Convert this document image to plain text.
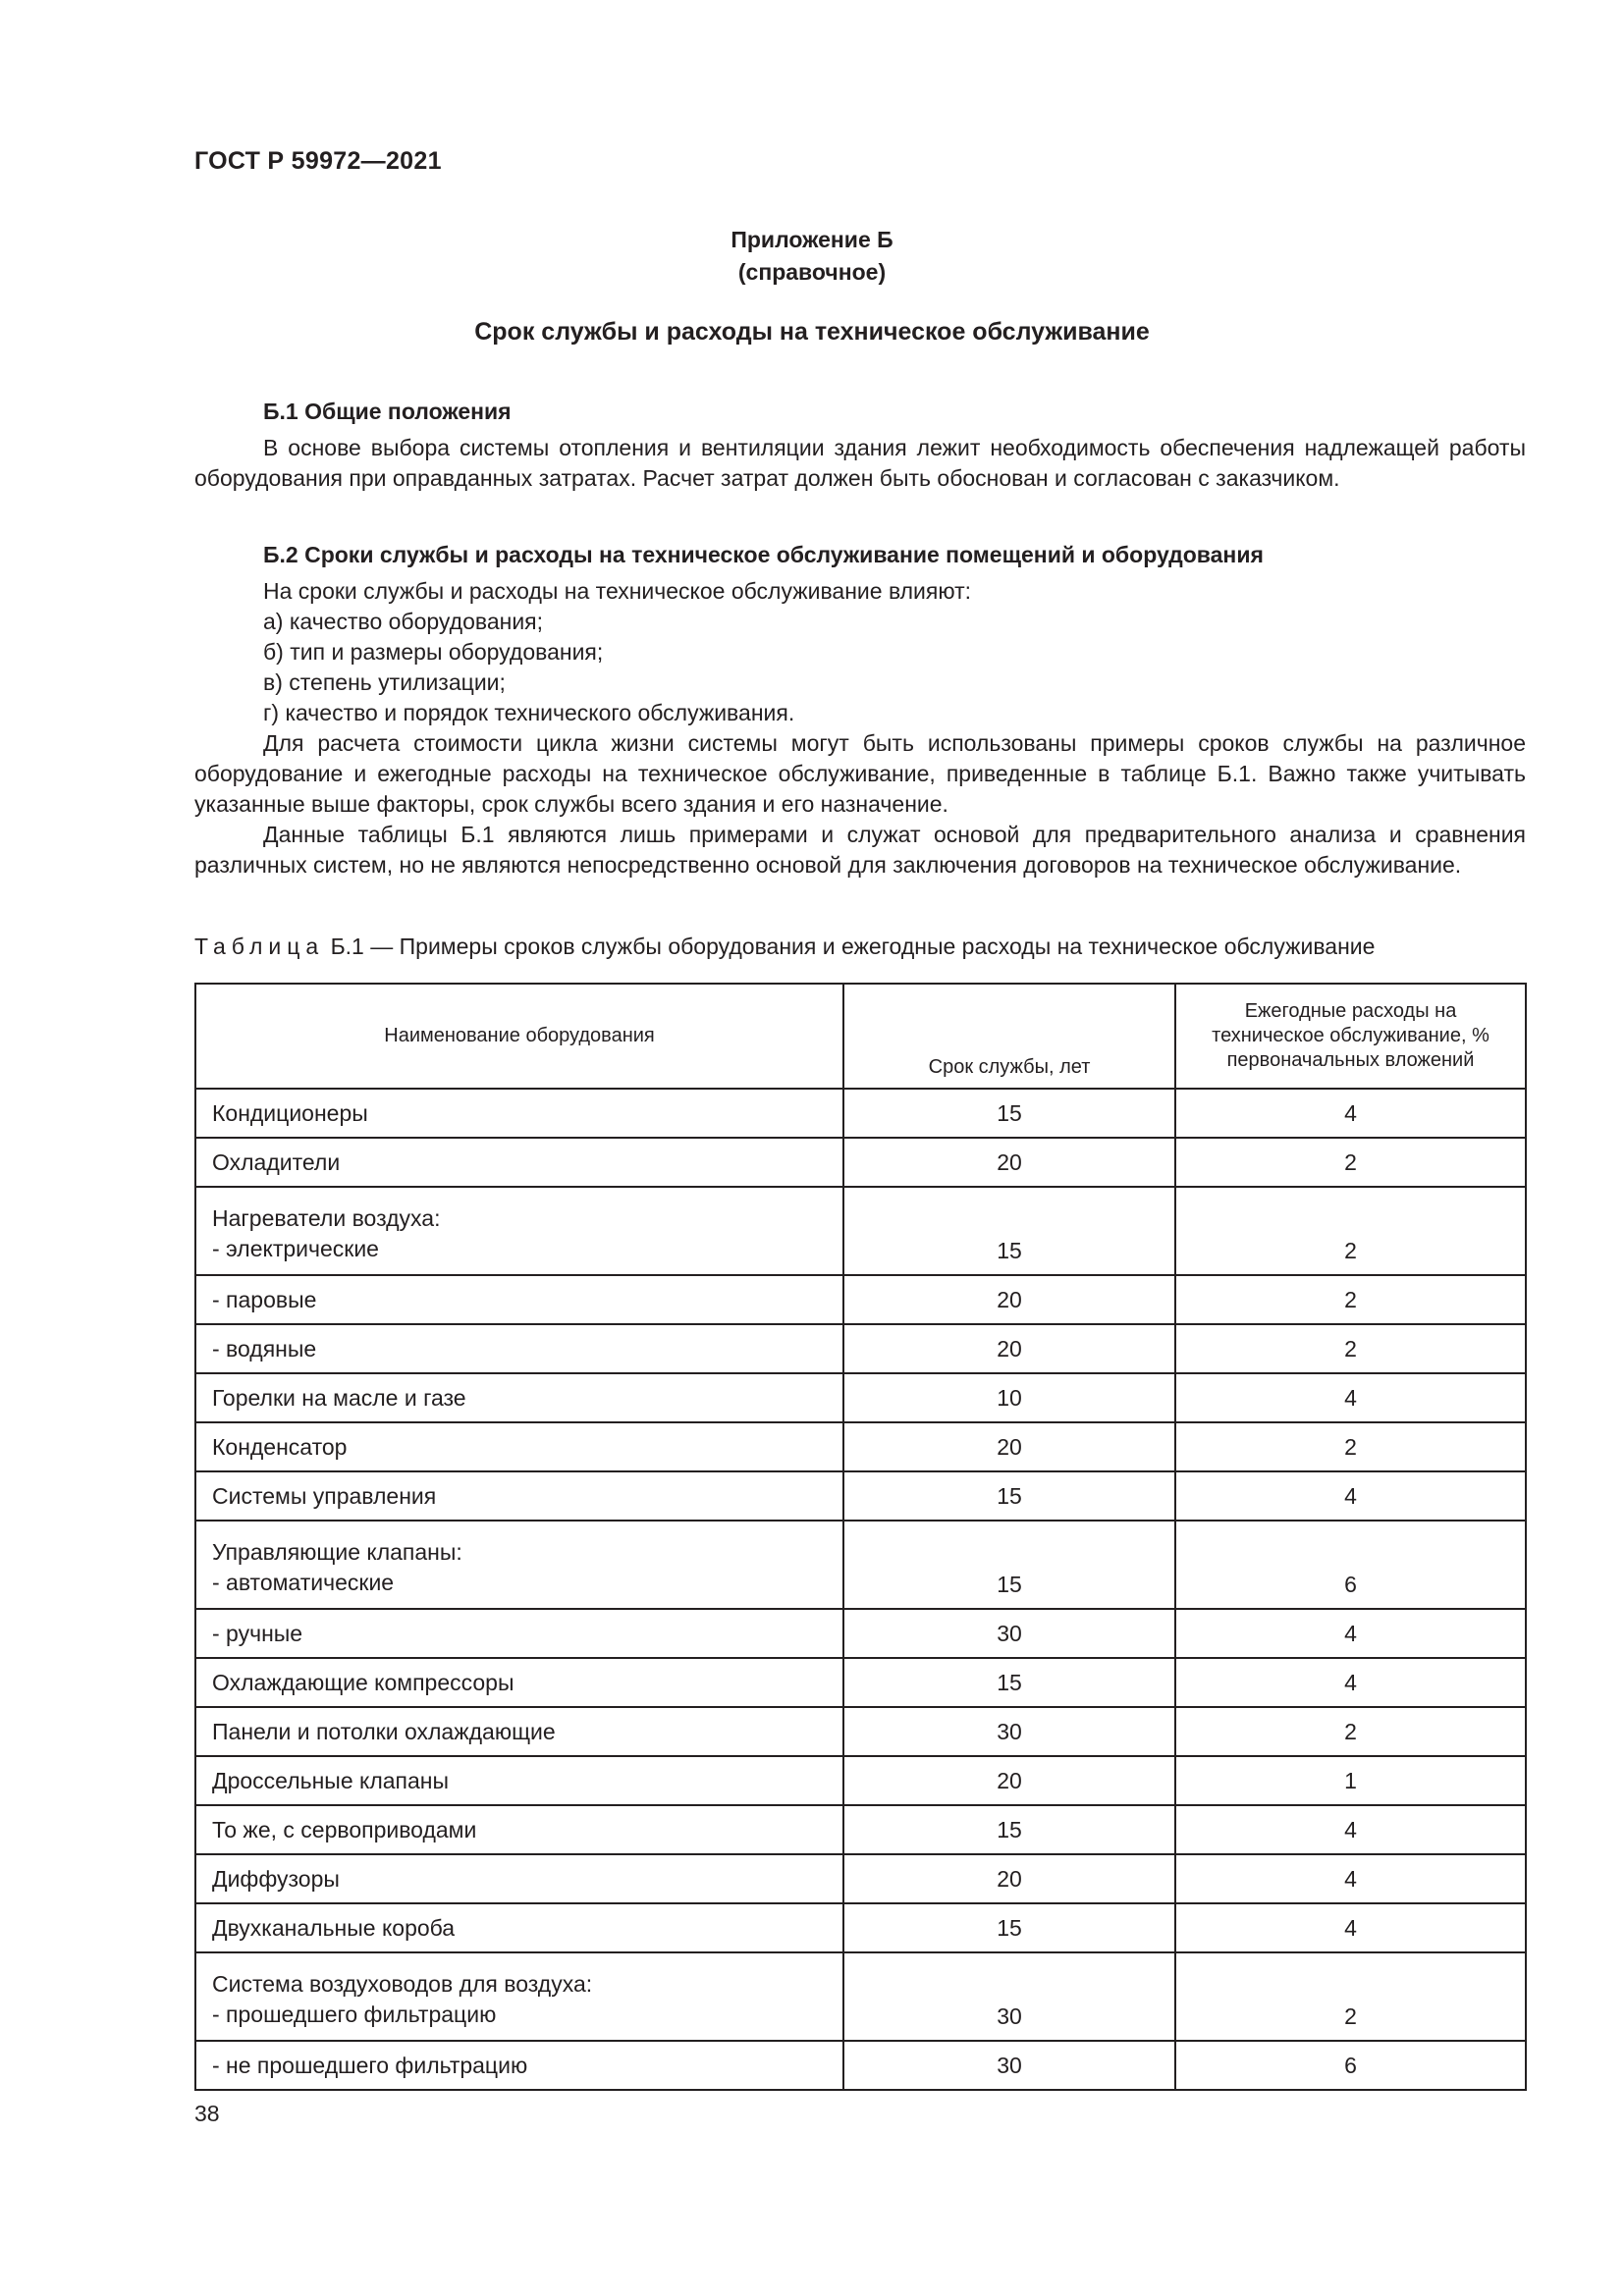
ГОСТ Р 59972—2021
Приложение Б
(справочное)
Срок службы и расходы на техническое обслуживание
Б.1 Общие положения

В основе выбора системы отопления и вентиляции здания лежит необходимость обеспечения надлежащей работы оборудования при оправданных затратах. Расчет затрат должен быть обоснован и согласован с заказчиком.

Б.2 Сроки службы и расходы на техническое обслуживание помещений и оборудования

На сроки службы и расходы на техническое обслуживание влияют:

а) качество оборудования;

б) тип и размеры оборудования;

в) степень утилизации;

г) качество и порядок технического обслуживания.

Для расчета стоимости цикла жизни системы могут быть использованы примеры сроков службы на различное оборудование и ежегодные расходы на техническое обслуживание, приведенные в таблице Б.1. Важно также учитывать указанные выше факторы, срок службы всего здания и его назначение.

Данные таблицы Б.1 являются лишь примерами и служат основой для предварительного анализа и сравнения различных систем, но не являются непосредственно основой для заключения договоров на техническое обслуживание.

Таблица Б.1 — Примеры сроков службы оборудования и ежегодные расходы на техническое обслуживание
Наименование оборудования	Срок службы, лет	Ежегодные расходы на
техническое обслуживание, %
первоначальных вложений

Кондиционеры	15	4
Охладители	20	2

Нагреватели воздуха:
- электрические	15	2
- паровые	20	2
- водяные	20	2
Горелки на масле и газе	10	4
Конденсатор	20	2
Системы управления	15	4

Управляющие клапаны:
- автоматические	15	6
- ручные	30	4
Охлаждающие компрессоры	15	4
Панели и потолки охлаждающие	30	2
Дроссельные клапаны	20	1
То же, с сервоприводами	15	4
Диффузоры	20	4
Двухканальные короба	15	4

Система воздуховодов для воздуха:
- прошедшего фильтрацию	30	2
- не прошедшего фильтрацию	30	6
38
